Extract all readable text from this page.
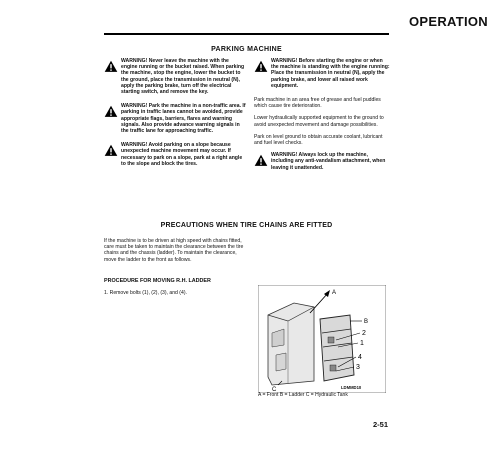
OPERATION
PARKING MACHINE
WARNING! Never leave the machine with the engine running or the bucket raised. When parking the machine, stop the engine, lower the bucket to the ground, place the transmission in neutral (N), apply the parking brake, turn off the electrical starting switch, and remove the key.
WARNING! Park the machine in a non-traffic area. If parking in traffic lanes cannot be avoided, provide appropriate flags, barriers, flares and warning signals. Also provide advance warning signals in the traffic lane for approaching traffic.
WARNING! Avoid parking on a slope because unexpected machine movement may occur. If necessary to park on a slope, park at a right angle to the slope and block the tires.
WARNING! Before starting the engine or when the machine is standing with the engine running: Place the transmission in neutral (N), apply the parking brake, and lower all raised work equipment.
Park machine in an area free of grease and fuel puddles which cause tire deterioration.
Lower hydraulically supported equipment to the ground to avoid unexpected movement and damage possibilities.
Park on level ground to obtain accurate coolant, lubricant and fuel level checks.
WARNING! Always lock up the machine, including any anti-vandalism attachment, when leaving it unattended.
PRECAUTIONS WHEN TIRE CHAINS ARE FITTED
If the machine is to be driven at high speed with chains fitted, care must be taken to maintain the clearance between the tire chains and the chassis (ladder). To maintain the clearance, move the ladder to the front as follows.
PROCEDURE FOR MOVING R.H. LADDER
1. Remove bolts (1), (2), (3), and (4).	A
B
2
1
4
3
C	LDMMD10
A = Front B = Ladder C = Hydraulic Tank
2-51
